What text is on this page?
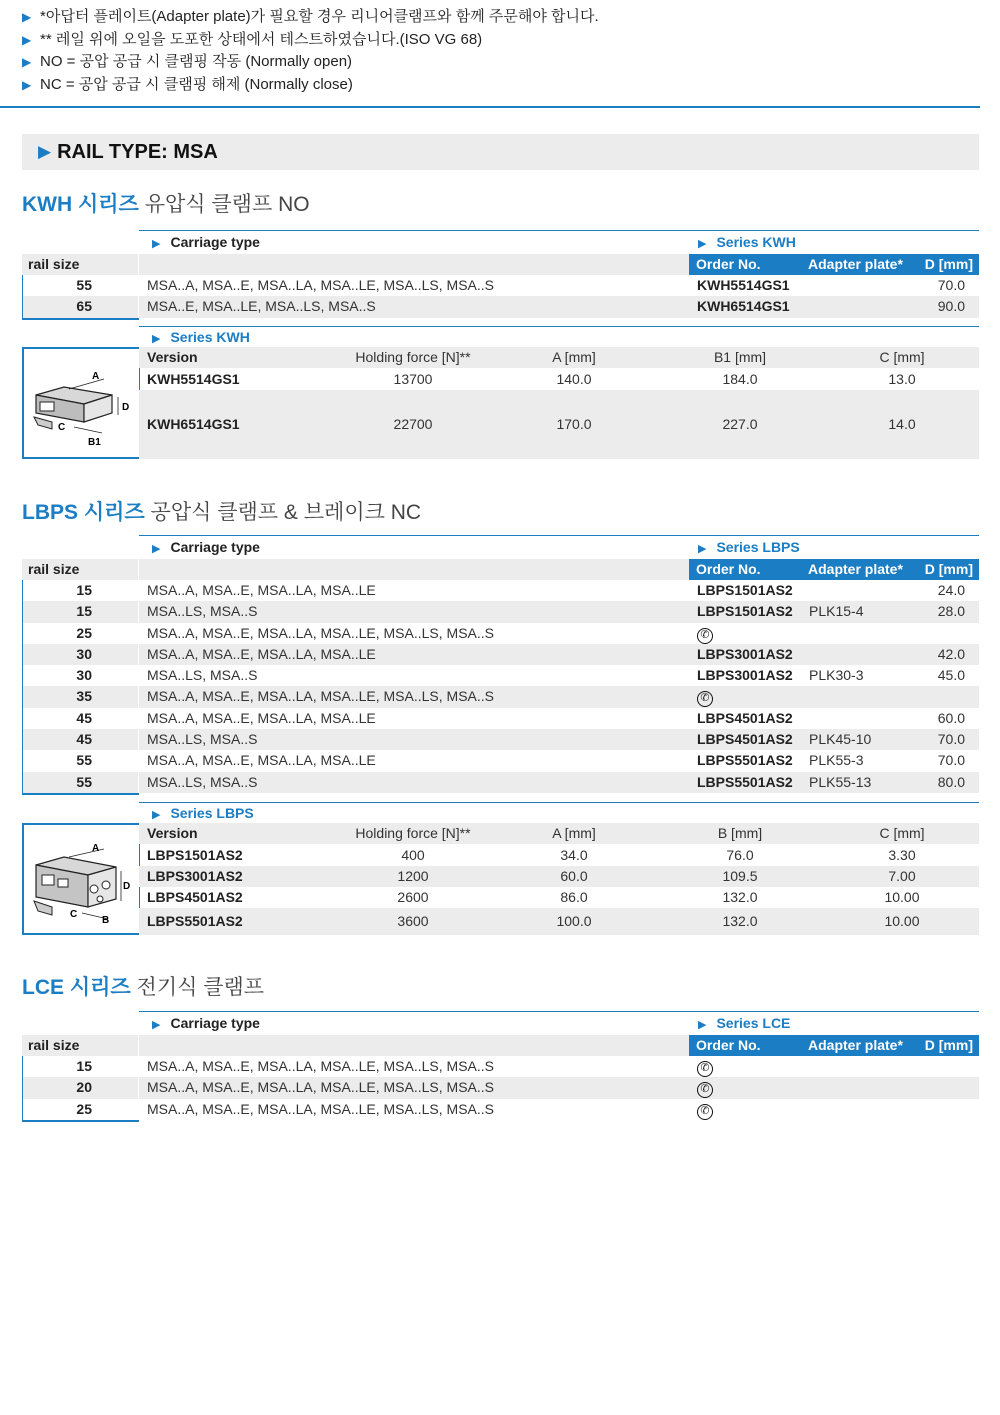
▶ *아답터 플레이트(Adapter plate)가 필요할 경우 리니어클램프와 함께 주문해야 합니다.
▶ ** 레일 위에 오일을 도포한 상태에서 테스트하였습니다.(ISO VG 68)
▶ NO = 공압 공급 시 클램핑 작동 (Normally open)
▶ NC = 공압 공급 시 클램핑 해제 (Normally close)
▶ RAIL TYPE: MSA
KWH 시리즈 유압식 클램프 NO
▶ Carriage type	▶ Series KWH
rail size	Order No.	Adapter plate* D [mm]
55	MSA..A, MSA..E, MSA..LA, MSA..LE, MSA..LS, MSA..S	KWH5514GS1	70.0
65	MSA..E, MSA..LE, MSA..LS, MSA..S	KWH6514GS1	90.0
▶ Series KWH
A
D
C
B1
Version	Holding force [N]**	A [mm]	B1 [mm]	C [mm]
KWH5514GS1	13700	140.0	184.0	13.0
KWH6514GS1	22700	170.0	227.0	14.0
LBPS 시리즈 공압식 클램프 & 브레이크 NC
▶ Carriage type	▶ Series LBPS
rail size	Order No.	Adapter plate* D [mm]
15	MSA..A, MSA..E, MSA..LA, MSA..LE	LBPS1501AS2	24.0
15	MSA..LS, MSA..S	LBPS1501AS2 PLK15-4	28.0
25	MSA..A, MSA..E, MSA..LA, MSA..LE, MSA..LS, MSA..S	✆
30	MSA..A, MSA..E, MSA..LA, MSA..LE	LBPS3001AS2	42.0
30	MSA..LS, MSA..S	LBPS3001AS2 PLK30-3	45.0
35	MSA..A, MSA..E, MSA..LA, MSA..LE, MSA..LS, MSA..S	✆
45	MSA..A, MSA..E, MSA..LA, MSA..LE	LBPS4501AS2	60.0
45	MSA..LS, MSA..S	LBPS4501AS2 PLK45-10	70.0
55	MSA..A, MSA..E, MSA..LA, MSA..LE	LBPS5501AS2 PLK55-3	70.0
55	MSA..LS, MSA..S	LBPS5501AS2 PLK55-13	80.0
▶ Series LBPS
A
D
C
B
Version	Holding force [N]**	A [mm]	B [mm]	C [mm]
LBPS1501AS2	400	34.0	76.0	3.30
LBPS3001AS2	1200	60.0	109.5	7.00
LBPS4501AS2	2600	86.0	132.0	10.00
LBPS5501AS2	3600	100.0	132.0	10.00
LCE 시리즈 전기식 클램프
▶ Carriage type	▶ Series LCE
rail size	Order No.	Adapter plate* D [mm]
15	MSA..A, MSA..E, MSA..LA, MSA..LE, MSA..LS, MSA..S	✆
20	MSA..A, MSA..E, MSA..LA, MSA..LE, MSA..LS, MSA..S	✆
25	MSA..A, MSA..E, MSA..LA, MSA..LE, MSA..LS, MSA..S	✆
